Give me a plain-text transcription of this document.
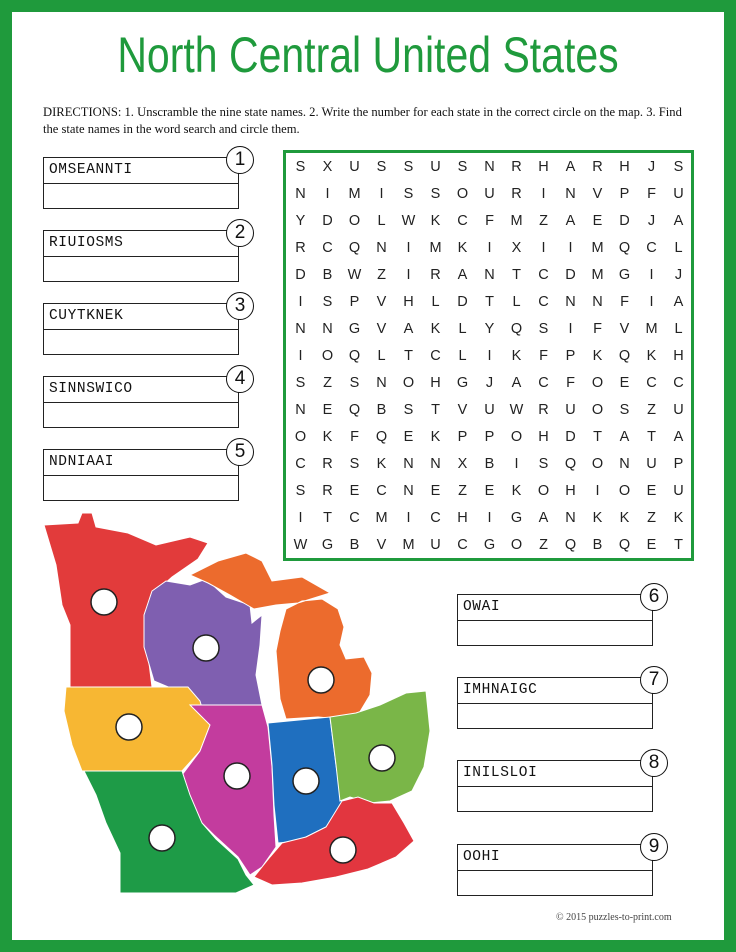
North Central United States
DIRECTIONS: 1. Unscramble the nine state names. 2. Write the number for each state in the correct circle on the map. 3. Find the state names in the word search and circle them.
OMSEANNTI	1
RIUIOSMS	2
CUYTKNEK	3
SINNSWICO	4
NDNIAAI	5
OWAI	6
IMHNAIGC	7
INILSLOI	8
OOHI	9
S	X	U	S	S	U	S	N	R	H	A	R	H	J	S
N	I	M	I	S	S	O	U	R	I	N	V	P	F	U
Y	D	O	L	W	K	C	F	M	Z	A	E	D	J	A
R	C	Q	N	I	M	K	I	X	I	I	M	Q	C	L
D	B	W	Z	I	R	A	N	T	C	D	M	G	I	J
I	S	P	V	H	L	D	T	L	C	N	N	F	I	A
N	N	G	V	A	K	L	Y	Q	S	I	F	V	M	L
I	O	Q	L	T	C	L	I	K	F	P	K	Q	K	H
S	Z	S	N	O	H	G	J	A	C	F	O	E	C	C
N	E	Q	B	S	T	V	U	W	R	U	O	S	Z	U
O	K	F	Q	E	K	P	P	O	H	D	T	A	T	A
C	R	S	K	N	N	X	B	I	S	Q	O	N	U	P
S	R	E	C	N	E	Z	E	K	O	H	I	O	E	U
I	T	C	M	I	C	H	I	G	A	N	K	K	Z	K
W	G	B	V	M	U	C	G	O	Z	Q	B	Q	E	T
© 2015 puzzles-to-print.com
